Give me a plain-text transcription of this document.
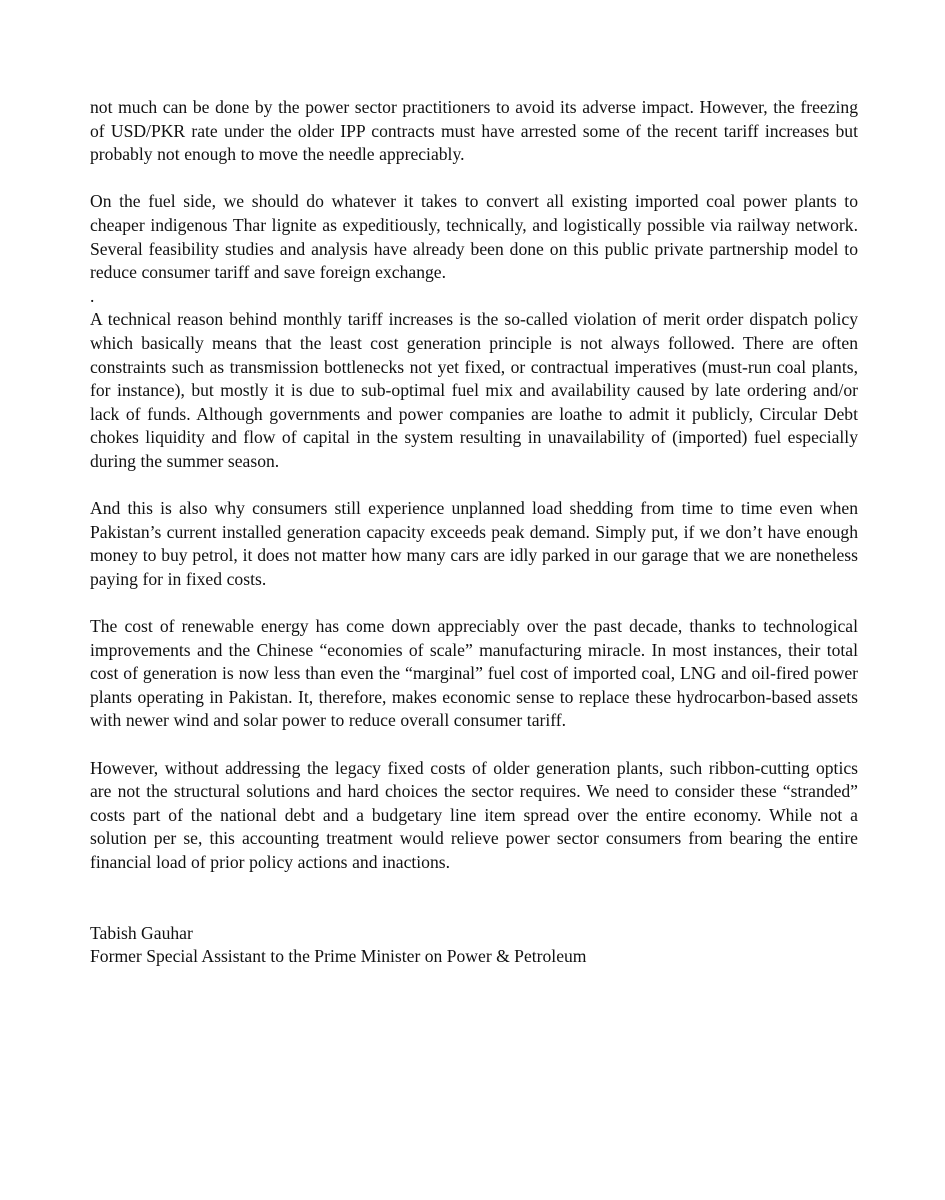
not much can be done by the power sector practitioners to avoid its adverse impact. However, the freezing of USD/PKR rate under the older IPP contracts must have arrested some of the recent tariff increases but probably not enough to move the needle appreciably.

On the fuel side, we should do whatever it takes to convert all existing imported coal power plants to cheaper indigenous Thar lignite as expeditiously, technically, and logistically possible via railway network. Several feasibility studies and analysis have already been done on this public private partnership model to reduce consumer tariff and save foreign exchange.

.

A technical reason behind monthly tariff increases is the so-called violation of merit order dispatch policy which basically means that the least cost generation principle is not always followed. There are often constraints such as transmission bottlenecks not yet fixed, or contractual imperatives (must-run coal plants, for instance), but mostly it is due to sub-optimal fuel mix and availability caused by late ordering and/or lack of funds. Although governments and power companies are loathe to admit it publicly, Circular Debt chokes liquidity and flow of capital in the system resulting in unavailability of (imported) fuel especially during the summer season.

And this is also why consumers still experience unplanned load shedding from time to time even when Pakistan’s current installed generation capacity exceeds peak demand. Simply put, if we don’t have enough money to buy petrol, it does not matter how many cars are idly parked in our garage that we are nonetheless paying for in fixed costs.

The cost of renewable energy has come down appreciably over the past decade, thanks to technological improvements and the Chinese “economies of scale” manufacturing miracle. In most instances, their total cost of generation is now less than even the “marginal” fuel cost of imported coal, LNG and oil-fired power plants operating in Pakistan. It, therefore, makes economic sense to replace these hydrocarbon-based assets with newer wind and solar power to reduce overall consumer tariff.

However, without addressing the legacy fixed costs of older generation plants, such ribbon-cutting optics are not the structural solutions and hard choices the sector requires. We need to consider these “stranded” costs part of the national debt and a budgetary line item spread over the entire economy. While not a solution per se, this accounting treatment would relieve power sector consumers from bearing the entire financial load of prior policy actions and inactions.

Tabish Gauhar

Former Special Assistant to the Prime Minister on Power & Petroleum
